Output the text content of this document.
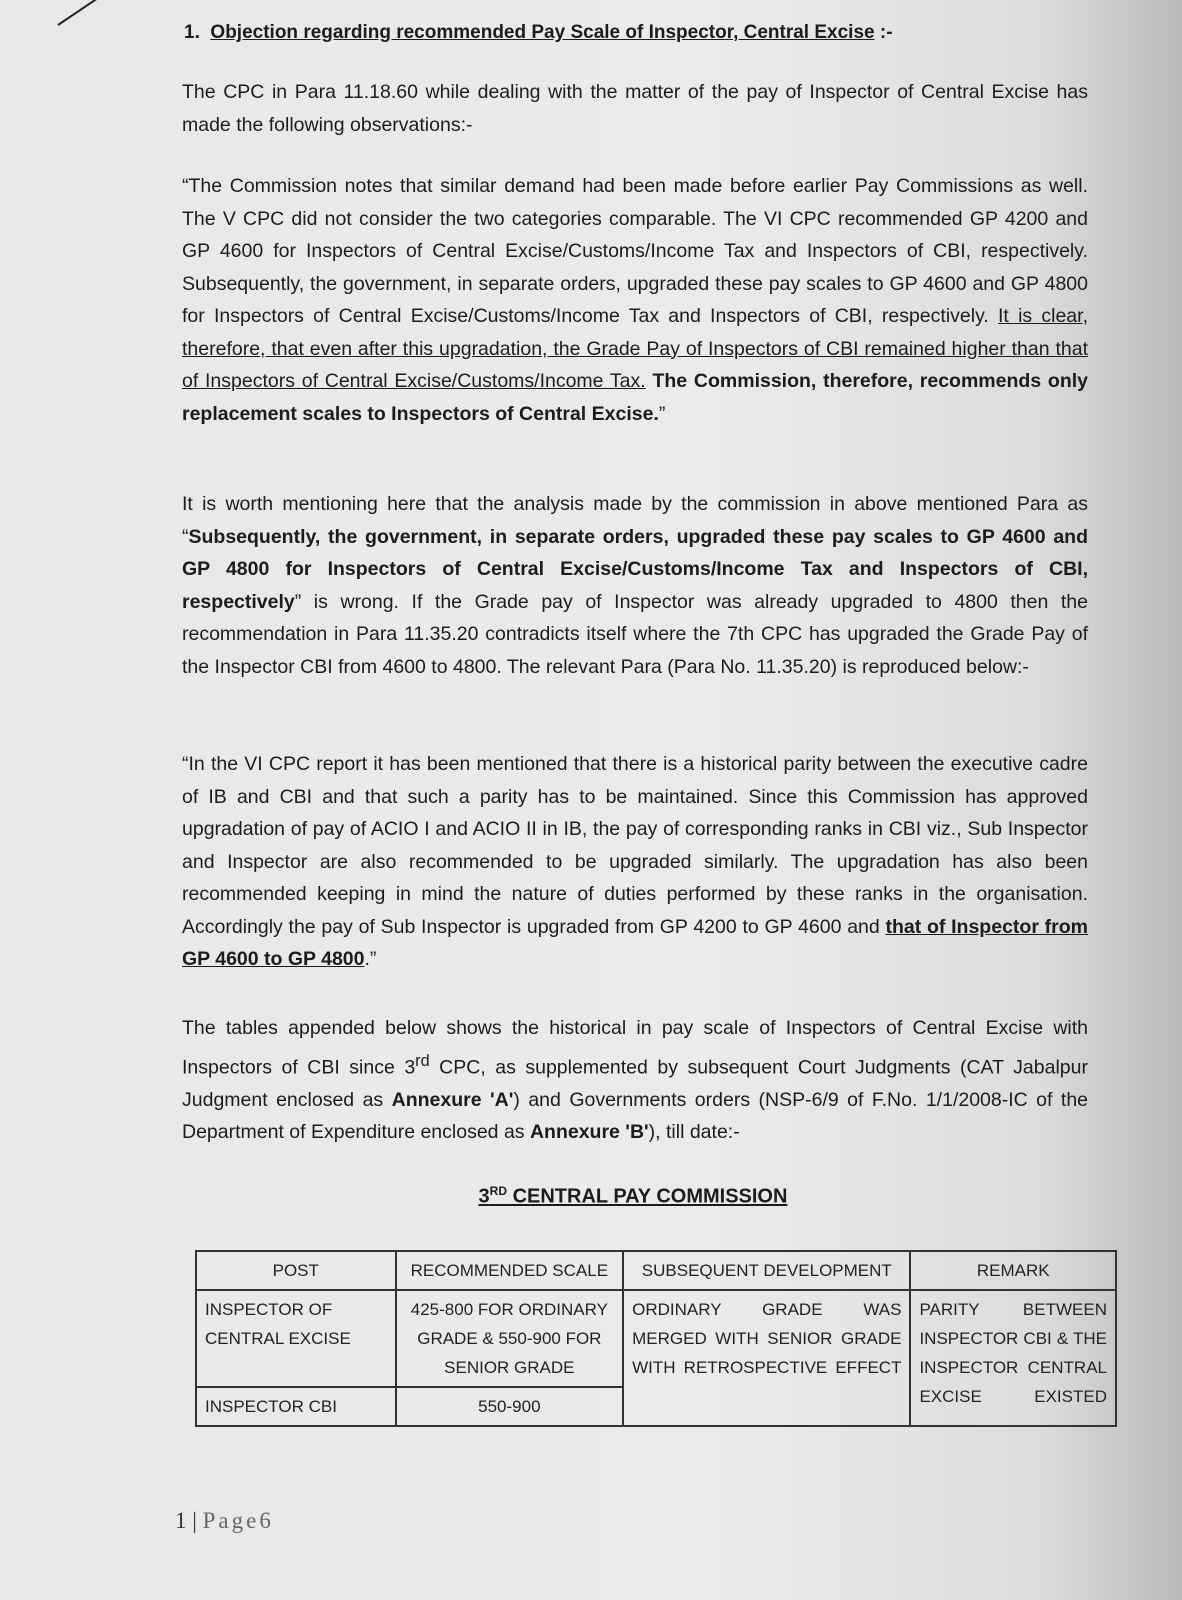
1. Objection regarding recommended Pay Scale of Inspector, Central Excise :-

The CPC in Para 11.18.60 while dealing with the matter of the pay of Inspector of Central Excise has made the following observations:-

“The Commission notes that similar demand had been made before earlier Pay Commissions as well. The V CPC did not consider the two categories comparable. The VI CPC recommended GP 4200 and GP 4600 for Inspectors of Central Excise/Customs/Income Tax and Inspectors of CBI, respectively. Subsequently, the government, in separate orders, upgraded these pay scales to GP 4600 and GP 4800 for Inspectors of Central Excise/Customs/Income Tax and Inspectors of CBI, respectively. It is clear, therefore, that even after this upgradation, the Grade Pay of Inspectors of CBI remained higher than that of Inspectors of Central Excise/Customs/Income Tax. The Commission, therefore, recommends only replacement scales to Inspectors of Central Excise.”

It is worth mentioning here that the analysis made by the commission in above mentioned Para as “Subsequently, the government, in separate orders, upgraded these pay scales to GP 4600 and GP 4800 for Inspectors of Central Excise/Customs/Income Tax and Inspectors of CBI, respectively” is wrong. If the Grade pay of Inspector was already upgraded to 4800 then the recommendation in Para 11.35.20 contradicts itself where the 7th CPC has upgraded the Grade Pay of the Inspector CBI from 4600 to 4800. The relevant Para (Para No. 11.35.20) is reproduced below:-

“In the VI CPC report it has been mentioned that there is a historical parity between the executive cadre of IB and CBI and that such a parity has to be maintained. Since this Commission has approved upgradation of pay of ACIO I and ACIO II in IB, the pay of corresponding ranks in CBI viz., Sub Inspector and Inspector are also recommended to be upgraded similarly. The upgradation has also been recommended keeping in mind the nature of duties performed by these ranks in the organisation. Accordingly the pay of Sub Inspector is upgraded from GP 4200 to GP 4600 and that of Inspector from GP 4600 to GP 4800.”

The tables appended below shows the historical in pay scale of Inspectors of Central Excise with Inspectors of CBI since 3rd CPC, as supplemented by subsequent Court Judgments (CAT Jabalpur Judgment enclosed as Annexure 'A') and Governments orders (NSP-6/9 of F.No. 1/1/2008-IC of the Department of Expenditure enclosed as Annexure 'B'), till date:-

3RD CENTRAL PAY COMMISSION
POST	RECOMMENDED SCALE	SUBSEQUENT DEVELOPMENT	REMARK
INSPECTOR OF CENTRAL EXCISE	425-800 FOR ORDINARY GRADE & 550-900 FOR SENIOR GRADE	ORDINARY GRADE WAS MERGED WITH SENIOR GRADE WITH RETROSPECTIVE EFFECT	PARITY BETWEEN INSPECTOR CBI & THE INSPECTOR CENTRAL EXCISE EXISTED
INSPECTOR CBI	550-900		
1 | Page6
